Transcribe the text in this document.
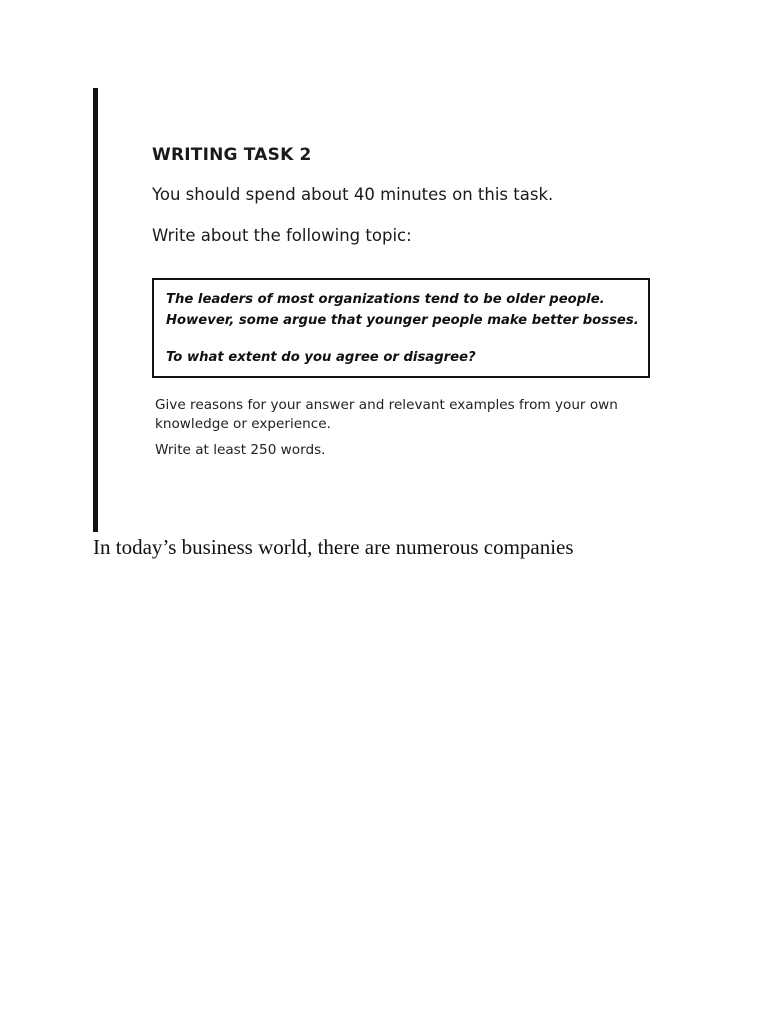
WRITING TASK 2

You should spend about 40 minutes on this task.

Write about the following topic:

The leaders of most organizations tend to be older people.
However, some argue that younger people make better bosses.

To what extent do you agree or disagree?

Give reasons for your answer and relevant examples from your own
knowledge or experience.

Write at least 250 words.

In today’s business world, there are numerous companies
